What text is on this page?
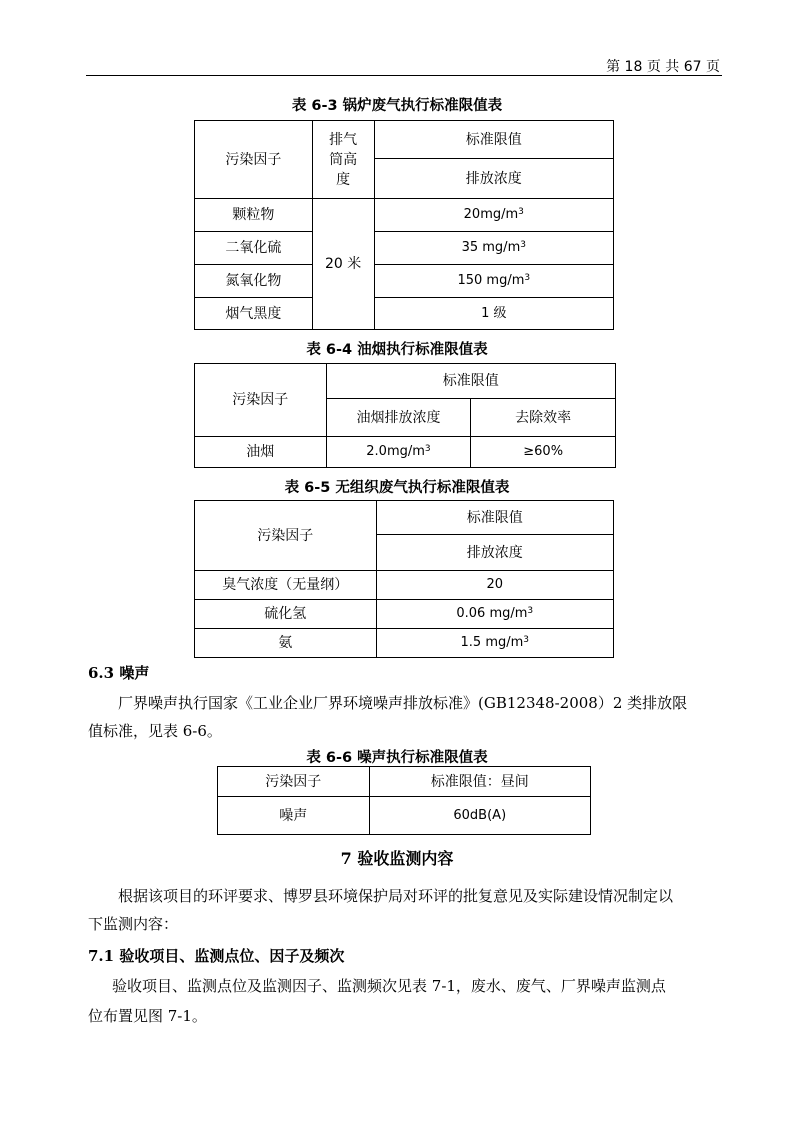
第 18 页 共 67 页
表 6-3 锅炉废气执行标准限值表
污染因子	排气筒高度	标准限值
		排放浓度
颗粒物	20 米	$20mg/m^3$
二氧化硫		35 $mg/m^3$
氮氧化物		150 $mg/m^3$
烟气黑度		1 级
表 6-4 油烟执行标准限值表
污染因子	标准限值	
	油烟排放浓度	去除效率
油烟	$2.0mg/m^3$	≥60%
表 6-5 无组织废气执行标准限值表
污染因子	标准限值
	排放浓度
臭气浓度（无量纲）	20
硫化氢	0.06 $mg/m^3$
氨	1.5 $mg/m^3$
6.3 噪声
厂界噪声执行国家《工业企业厂界环境噪声排放标准》(GB12348-2008）2 类排放限
值标准，见表 6-6。
表 6-6 噪声执行标准限值表
污染因子	标准限值：昼间
噪声	60dB(A)
7 验收监测内容
根据该项目的环评要求、博罗县环境保护局对环评的批复意见及实际建设情况制定以
下监测内容：
7.1 验收项目、监测点位、因子及频次
验收项目、监测点位及监测因子、监测频次见表 7-1，废水、废气、厂界噪声监测点
位布置见图 7-1。
